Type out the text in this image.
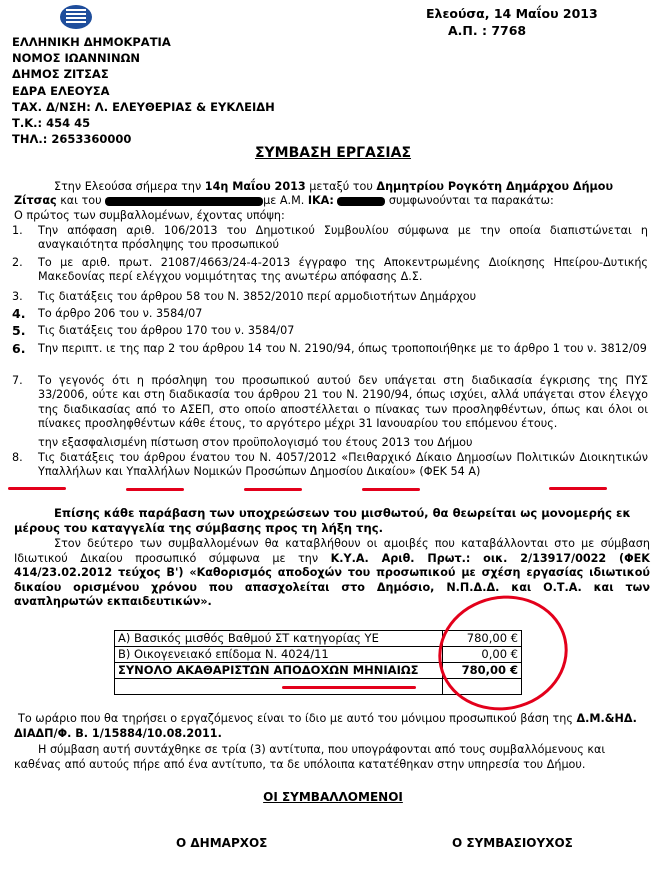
Ελεούσα, 14 Μαΐου 2013
Α.Π. : 7768
ΕΛΛΗΝΙΚΗ ΔΗΜΟΚΡΑΤΙΑ
ΝΟΜΟΣ ΙΩΑΝΝΙΝΩΝ
ΔΗΜΟΣ ΖΙΤΣΑΣ
ΕΔΡΑ ΕΛΕΟΥΣΑ
ΤΑΧ. Δ/ΝΣΗ: Λ. ΕΛΕΥΘΕΡΙΑΣ & ΕΥΚΛΕΙΔΗ
Τ.Κ.: 454 45
ΤΗΛ.: 2653360000
ΣΥΜΒΑΣΗ ΕΡΓΑΣΙΑΣ
Στην Ελεούσα σήμερα την 14η Μαΐου 2013 μεταξύ του Δημητρίου Ρογκότη Δημάρχου Δήμου
Ζίτσας και του	με Α.Μ. ΙΚΑ:	συμφωνούνται τα παρακάτω:
Ο πρώτος των συμβαλλομένων, έχοντας υπόψη:
1.	Την απόφαση αριθ. 106/2013 του Δημοτικού Συμβουλίου σύμφωνα με την οποία διαπιστώνεται η αναγκαιότητα πρόσληψης του προσωπικού
2.	Το με αριθ. πρωτ. 21087/4663/24-4-2013 έγγραφο της Αποκεντρωμένης Διοίκησης Ηπείρου-Δυτικής Μακεδονίας περί ελέγχου νομιμότητας της ανωτέρω απόφασης Δ.Σ.
3.	Τις διατάξεις του άρθρου 58 του Ν. 3852/2010 περί αρμοδιοτήτων Δημάρχου
4.	Το άρθρο 206 του ν. 3584/07
5.	Τις διατάξεις του άρθρου 170 του ν. 3584/07
6.	Την περιπτ. ιε της παρ 2 του άρθρου 14 του Ν. 2190/94, όπως τροποποιήθηκε με το άρθρο 1 του ν. 3812/09
7.	Το γεγονός ότι η πρόσληψη του προσωπικού αυτού δεν υπάγεται στη διαδικασία έγκρισης της ΠΥΣ 33/2006, ούτε και στη διαδικασία του άρθρου 21 του Ν. 2190/94, όπως ισχύει, αλλά υπάγεται στον έλεγχο της διαδικασίας από το ΑΣΕΠ, στο οποίο αποστέλλεται ο πίνακας των προσληφθέντων, όπως και όλοι οι πίνακες προσληφθέντων κάθε έτους, το αργότερο μέχρι 31 Ιανουαρίου του επόμενου έτους.
την εξασφαλισμένη πίστωση στον προϋπολογισμό του έτους 2013 του Δήμου
8.	Τις διατάξεις του άρθρου ένατου του Ν. 4057/2012 «Πειθαρχικό Δίκαιο Δημοσίων Πολιτικών Διοικητικών Υπαλλήλων και Υπαλλήλων Νομικών Προσώπων Δημοσίου Δικαίου» (ΦΕΚ 54 Α)
Επίσης κάθε παράβαση των υποχρεώσεων του μισθωτού, θα θεωρείται ως μονομερής εκ μέρους του καταγγελία της σύμβασης προς τη λήξη της.
Στον δεύτερο των συμβαλλομένων θα καταβλήθουν οι αμοιβές που καταβάλλονται στο με σύμβαση Ιδιωτικού Δικαίου προσωπικό σύμφωνα με την Κ.Υ.Α. Αριθ. Πρωτ.: οικ. 2/13917/0022 (ΦΕΚ 414/23.02.2012 τεύχος Β') «Καθορισμός αποδοχών του προσωπικού με σχέση εργασίας ιδιωτικού δικαίου ορισμένου χρόνου που απασχολείται στο Δημόσιο, Ν.Π.Δ.Δ. και Ο.Τ.Α. και των αναπληρωτών εκπαιδευτικών».
Α) Βασικός μισθός Βαθμού ΣΤ κατηγορίας ΥΕ	780,00 €
Β) Οικογενειακό επίδομα Ν. 4024/11	0,00 €
ΣΥΝΟΛΟ ΑΚΑΘΑΡΙΣΤΩΝ ΑΠΟΔΟΧΩΝ ΜΗΝΙΑΙΩΣ	780,00 €

Το ωράριο που θα τηρήσει ο εργαζόμενος είναι το ίδιο με αυτό του μόνιμου προσωπικού βάση της Δ.Μ.&ΗΔ. ΔΙΑΔΠ/Φ. Β. 1/15884/10.08.2011.
Η σύμβαση αυτή συντάχθηκε σε τρία (3) αντίτυπα, που υπογράφονται από τους συμβαλλόμενους και καθένας από αυτούς πήρε από ένα αντίτυπο, τα δε υπόλοιπα κατατέθηκαν στην υπηρεσία του Δήμου.
ΟΙ ΣΥΜΒΑΛΛΟΜΕΝΟΙ
Ο ΔΗΜΑΡΧΟΣ	Ο ΣΥΜΒΑΣΙΟΥΧΟΣ
